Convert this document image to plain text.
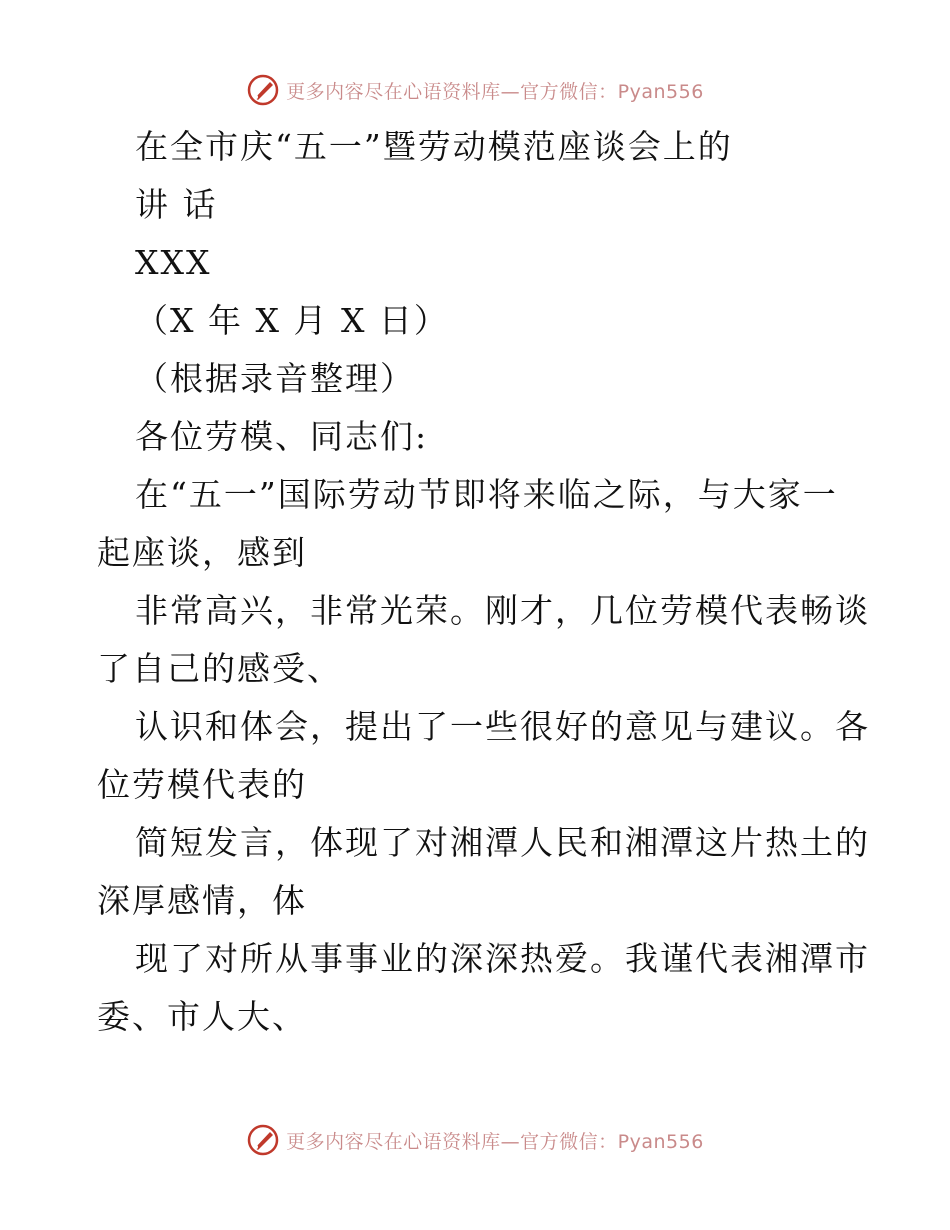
更多内容尽在心语资料库—官方微信：Pyan556
在全市庆“五一”暨劳动模范座谈会上的
讲 话
XXX
（X 年 X 月 X 日）
（根据录音整理）
各位劳模、同志们:
在“五一”国际劳动节即将来临之际，与大家一
起座谈，感到
非常高兴，非常光荣。刚才，几位劳模代表畅谈
了自己的感受、
认识和体会，提出了一些很好的意见与建议。各
位劳模代表的
简短发言，体现了对湘潭人民和湘潭这片热土的
深厚感情，体
现了对所从事事业的深深热爱。我谨代表湘潭市
委、市人大、
更多内容尽在心语资料库—官方微信：Pyan556
